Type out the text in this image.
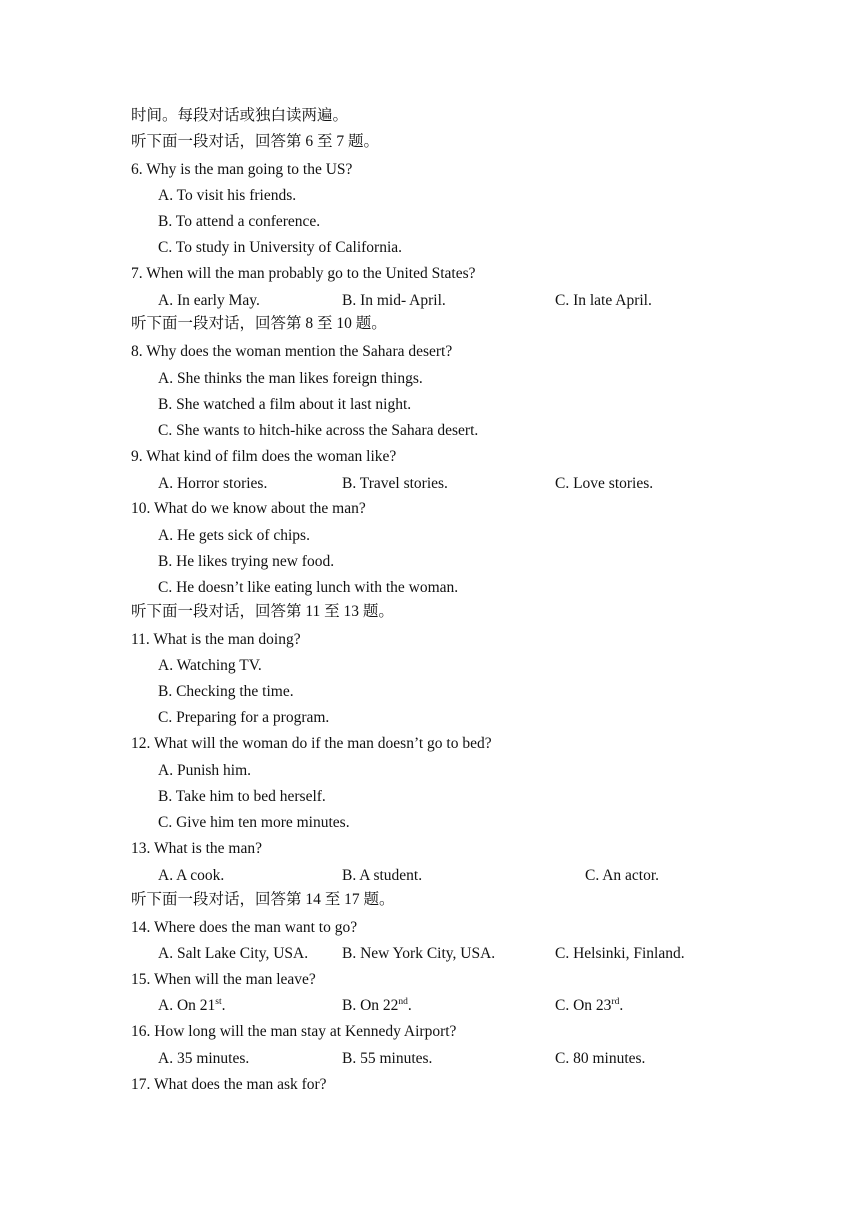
时间。每段对话或独白读两遍。
听下面一段对话，回答第 6 至 7 题。
6. Why is the man going to the US?
A. To visit his friends.
B. To attend a conference.
C. To study in University of California.
7. When will the man probably go to the United States?
A. In early May.	B. In mid- April.	C. In late April.
听下面一段对话，回答第 8 至 10 题。
8. Why does the woman mention the Sahara desert?
A. She thinks the man likes foreign things.
B. She watched a film about it last night.
C. She wants to hitch-hike across the Sahara desert.
9. What kind of film does the woman like?
A. Horror stories.	B. Travel stories.	C. Love stories.
10. What do we know about the man?
A. He gets sick of chips.
B. He likes trying new food.
C. He doesn’t like eating lunch with the woman.
听下面一段对话，回答第 11 至 13 题。
11. What is the man doing?
A. Watching TV.
B. Checking the time.
C. Preparing for a program.
12. What will the woman do if the man doesn’t go to bed?
A. Punish him.
B. Take him to bed herself.
C. Give him ten more minutes.
13. What is the man?
A. A cook.	B. A student.	C. An actor.
听下面一段对话，回答第 14 至 17 题。
14. Where does the man want to go?
A. Salt Lake City, USA. B. New York City, USA.	C. Helsinki, Finland.
15. When will the man leave?
A. On 21st.	B. On 22nd.	C. On 23rd.
16. How long will the man stay at Kennedy Airport?
A. 35 minutes.	B. 55 minutes.	C. 80 minutes.
17. What does the man ask for?
